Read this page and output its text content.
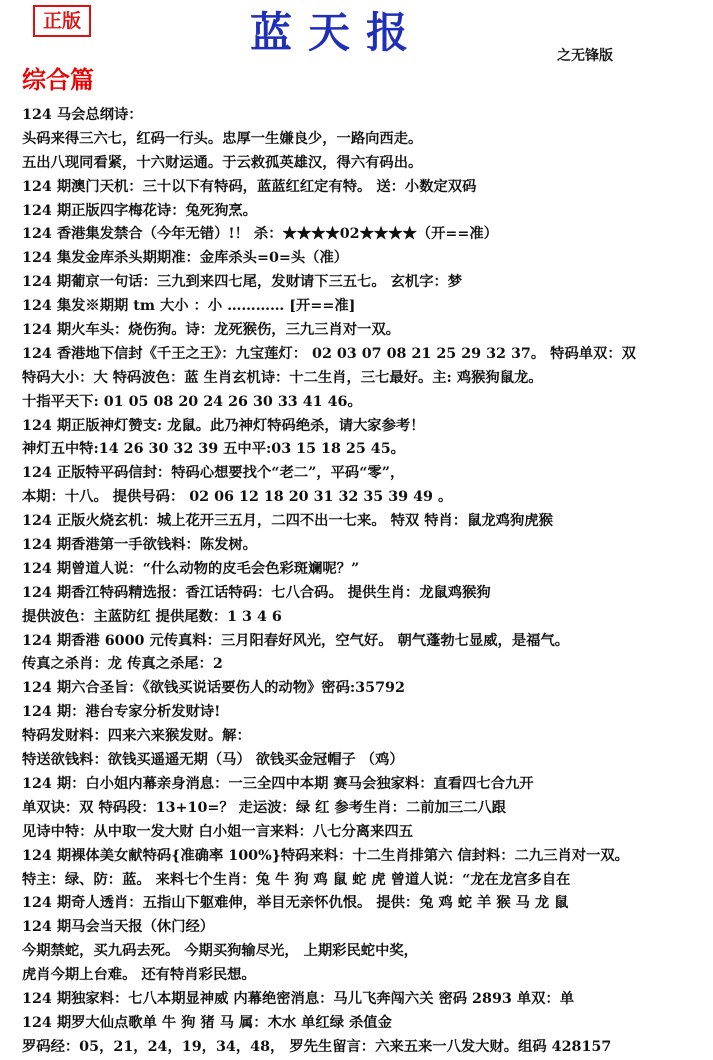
正版	蓝天报	之无锋版
综合篇
124 马会总纲诗：
头码来得三六七，红码一行头。忠厚一生嫌良少，一路向西走。
五出八现同看紧，十六财运通。于云救孤英雄汉，得六有码出。
124 期澳门天机：三十以下有特码，蓝蓝红红定有特。 送：小数定双码
124 期正版四字梅花诗：兔死狗烹。
124 香港集发禁合（今年无错）!！ 杀：★★★★02★★★★（开==准）
124 集发金库杀头期期准：金库杀头=0=头（准）
124 期葡京一句话：三九到来四七尾，发财请下三五七。 玄机字：梦
124 集发※期期 tm 大小 ：小 ………… [开==准]
124 期火车头：烧伤狗。诗：龙死猴伤，三九三肖对一双。
124 香港地下信封《千王之王》：九宝莲灯： 02 03 07 08 21 25 29 32 37。 特码单双：双
特码大小：大 特码波色：蓝 生肖玄机诗：十二生肖，三七最好。主: 鸡猴狗鼠龙。
十指平天下: 01 05 08 20 24 26 30 33 41 46。
124 期正版神灯赞支: 龙鼠。此乃神灯特码绝杀，请大家参考！
神灯五中特:14 26 30 32 39 五中平:03 15 18 25 45。
124 正版特平码信封：特码心想要找个“老二”，平码“零”，
本期：十八。 提供号码： 02 06 12 18 20 31 32 35 39 49 。
124 正版火烧玄机：城上花开三五月，二四不出一七来。 特双 特肖：鼠龙鸡狗虎猴
124 期香港第一手欲钱料：陈发树。
124 期曾道人说：“什么动物的皮毛会色彩斑斓呢？”
124 期香江特码精选报：香江话特码：七八合码。 提供生肖：龙鼠鸡猴狗
提供波色：主蓝防红 提供尾数：1 3 4 6
124 期香港 6000 元传真料：三月阳春好风光，空气好。 朝气蓬勃七显威，是福气。
传真之杀肖：龙 传真之杀尾：2
124 期六合圣旨：《欲钱买说话要伤人的动物》密码:35792
124 期：港台专家分析发财诗!
特码发财料：四来六来猴发财。解：
特送欲钱料：欲钱买遥遥无期（马） 欲钱买金冠帽子 （鸡）
124 期：白小姐内幕亲身消息：一三全四中本期 赛马会独家料：直看四七合九开
单双诀：双 特码段：13+10=？ 走运波：绿 红 参考生肖：二前加三二八跟
见诗中特：从中取一发大财 白小姐一言来料：八七分离来四五
124 期裸体美女献特码{准确率 100%}特码来料：十二生肖排第六 信封料：二九三肖对一双。
特主：绿、防：蓝。 来料七个生肖：兔 牛 狗 鸡 鼠 蛇 虎 曾道人说：“龙在龙宫多自在
124 期奇人透肖：五指山下躯难伸，举目无亲怀仇恨。 提供：兔 鸡 蛇 羊 猴 马 龙 鼠
124 期马会当天报（休门经）
今期禁蛇，买九码去死。 今期买狗输尽光， 上期彩民蛇中奖，
虎肖今期上台难。 还有特肖彩民想。
124 期独家料：七八本期显神威 内幕绝密消息：马儿飞奔闯六关 密码 2893 单双：单
124 期罗大仙点歌单 牛 狗 猪 马 属：木水 单红绿 杀值金
罗码经：05，21，24，19，34，48， 罗先生留言：六来五来一八发大财。组码 428157
